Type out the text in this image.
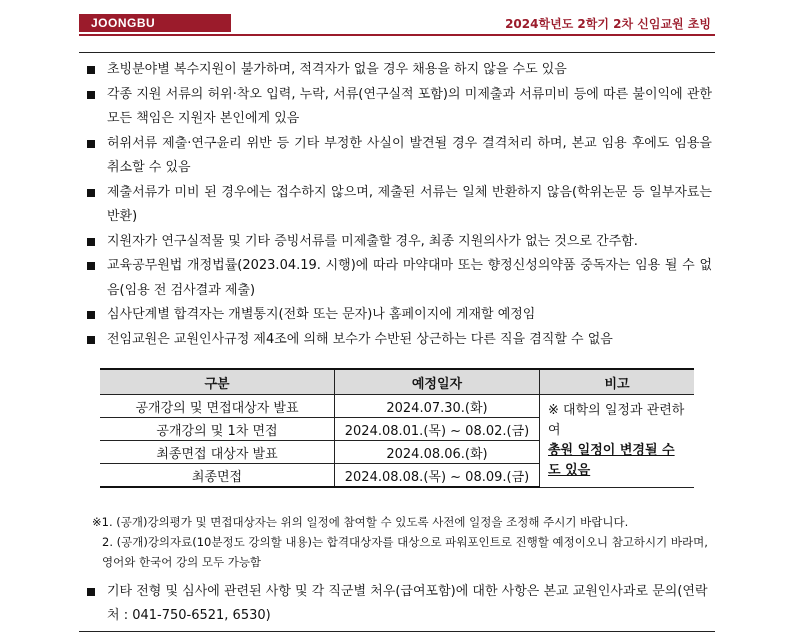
JOONGBU UNIVERSITY
2024학년도 2학기 2차 신임교원 초빙
초빙분야별 복수지원이 불가하며, 적격자가 없을 경우 채용을 하지 않을 수도 있음
각종 지원 서류의 허위·착오 입력, 누락, 서류(연구실적 포함)의 미제출과 서류미비 등에 따른 불이익에 관한 모든 책임은 지원자 본인에게 있음
허위서류 제출·연구윤리 위반 등 기타 부정한 사실이 발견될 경우 결격처리 하며, 본교 임용 후에도 임용을 취소할 수 있음
제출서류가 미비 된 경우에는 접수하지 않으며, 제출된 서류는 일체 반환하지 않음(학위논문 등 일부자료는 반환)
지원자가 연구실적물 및 기타 증빙서류를 미제출할 경우, 최종 지원의사가 없는 것으로 간주함.
교육공무원법 개정법률(2023.04.19. 시행)에 따라 마약대마 또는 향정신성의약품 중독자는 임용 될 수 없음(임용 전 검사결과 제출)
심사단계별 합격자는 개별통지(전화 또는 문자)나 홈페이지에 게재할 예정임
전임교원은 교원인사규정 제4조에 의해 보수가 수반된 상근하는 다른 직을 겸직할 수 없음
구분	예정일자	비고
공개강의 및 면접대상자 발표	2024.07.30.(화)	※ 대학의 일정과 관련하여
총원 일정이 변경될 수도 있음
공개강의 및 1차 면접	2024.08.01.(목) ~ 08.02.(금)	
최종면접 대상자 발표	2024.08.06.(화)	
최종면접	2024.08.08.(목) ~ 08.09.(금)	
※1. (공개)강의평가 및 면접대상자는 위의 일정에 참여할 수 있도록 사전에 일정을 조정해 주시기 바랍니다.
2. (공개)강의자료(10분정도 강의할 내용)는 합격대상자를 대상으로 파워포인트로 진행할 예정이오니 참고하시기 바라며, 영어와 한국어 강의 모두 가능함
기타 전형 및 심사에 관련된 사항 및 각 직군별 처우(급여포함)에 대한 사항은 본교 교원인사과로 문의(연락처 : 041-750-6521, 6530)
